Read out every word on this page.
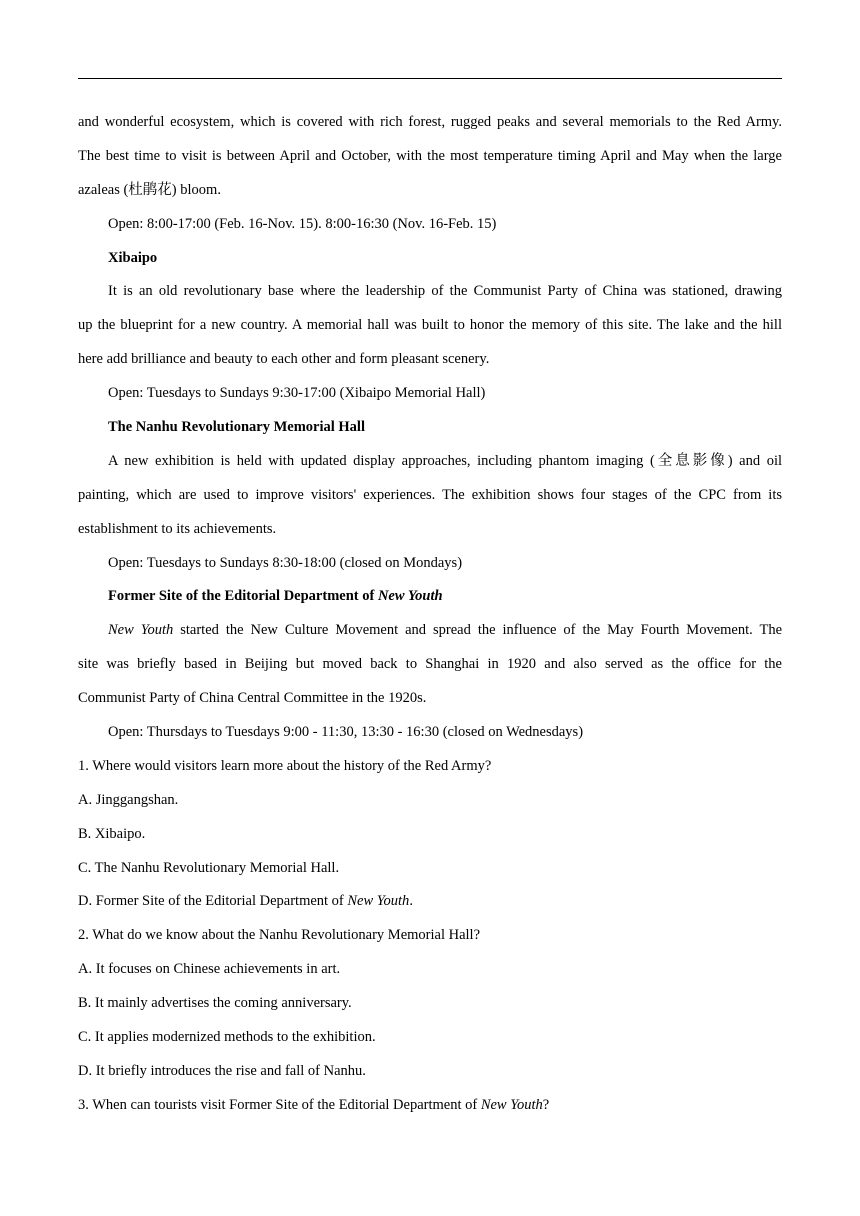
and wonderful ecosystem, which is covered with rich forest, rugged peaks and several memorials to the Red Army.
The best time to visit is between April and October, with the most temperature timing April and May when the large
azaleas (杜鹃花) bloom.
Open: 8:00-17:00 (Feb. 16-Nov. 15). 8:00-16:30 (Nov. 16-Feb. 15)
Xibaipo
It is an old revolutionary base where the leadership of the Communist Party of China was stationed, drawing
up the blueprint for a new country. A memorial hall was built to honor the memory of this site. The lake and the hill
here add brilliance and beauty to each other and form pleasant scenery.
Open: Tuesdays to Sundays 9:30-17:00 (Xibaipo Memorial Hall)
The Nanhu Revolutionary Memorial Hall
A new exhibition is held with updated display approaches, including phantom imaging (全息影像) and oil
painting, which are used to improve visitors' experiences. The exhibition shows four stages of the CPC from its
establishment to its achievements.
Open: Tuesdays to Sundays 8:30-18:00 (closed on Mondays)
Former Site of the Editorial Department of New Youth
New Youth started the New Culture Movement and spread the influence of the May Fourth Movement. The
site was briefly based in Beijing but moved back to Shanghai in 1920 and also served as the office for the
Communist Party of China Central Committee in the 1920s.
Open: Thursdays to Tuesdays 9:00 - 11:30, 13:30 - 16:30 (closed on Wednesdays)
1. Where would visitors learn more about the history of the Red Army?
A. Jinggangshan.
B. Xibaipo.
C. The Nanhu Revolutionary Memorial Hall.
D. Former Site of the Editorial Department of New Youth.
2. What do we know about the Nanhu Revolutionary Memorial Hall?
A. It focuses on Chinese achievements in art.
B. It mainly advertises the coming anniversary.
C. It applies modernized methods to the exhibition.
D. It briefly introduces the rise and fall of Nanhu.
3. When can tourists visit Former Site of the Editorial Department of New Youth?
